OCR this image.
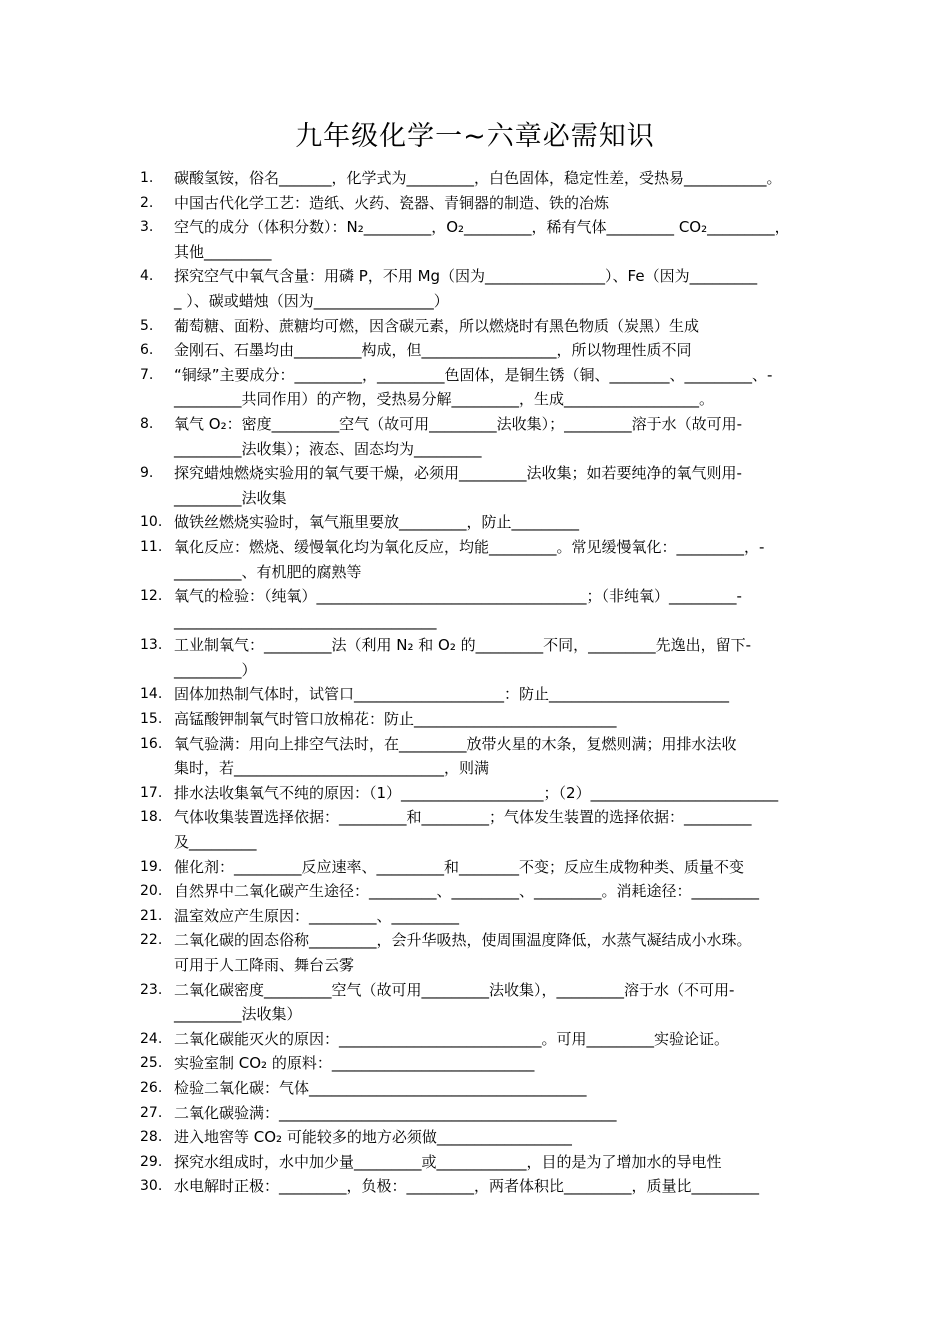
九年级化学一~六章必需知识
1.	碳酸氢铵，俗名_______，化学式为_________，白色固体，稳定性差，受热易___________。
2.	中国古代化学工艺：造纸、火药、瓷器、青铜器的制造、铁的冶炼
3.	空气的成分（体积分数）：N₂_________，O₂_________，稀有气体_________ CO₂_________，
其他_________
4.	探究空气中氧气含量：用磷 P，不用 Mg（因为________________）、Fe（因为_________
_ ）、碳或蜡烛（因为________________）
5.	葡萄糖、面粉、蔗糖均可燃，因含碳元素，所以燃烧时有黑色物质（炭黑）生成
6.	金刚石、石墨均由_________构成，但__________________，所以物理性质不同
7.	“铜绿”主要成分：_________，_________色固体，是铜生锈（铜、________、_________、-
_________共同作用）的产物，受热易分解_________，生成__________________。
8.	氧气 O₂：密度_________空气（故可用_________法收集）；_________溶于水（故可用-
_________法收集）；液态、固态均为_________
9.	探究蜡烛燃烧实验用的氧气要干燥，必须用_________法收集；如若要纯净的氧气则用-
_________法收集
10. 做铁丝燃烧实验时，氧气瓶里要放_________，防止_________
11. 氧化反应：燃烧、缓慢氧化均为氧化反应，均能_________。常见缓慢氧化：_________，-
_________、有机肥的腐熟等
12. 氧气的检验：（纯氧）____________________________________；（非纯氧）_________-
___________________________________
13. 工业制氧气：_________法（利用 N₂ 和 O₂ 的_________不同，_________先逸出，留下-
_________）
14. 固体加热制气体时，试管口____________________：防止________________________
15. 高锰酸钾制氧气时管口放棉花：防止___________________________
16. 氧气验满：用向上排空气法时，在_________放带火星的木条，复燃则满；用排水法收
集时，若____________________________，则满
17. 排水法收集氧气不纯的原因：（1）___________________；（2）_________________________
18. 气体收集装置选择依据：_________和_________；气体发生装置的选择依据：_________
及_________
19. 催化剂：_________反应速率、_________和________不变；反应生成物种类、质量不变
20. 自然界中二氧化碳产生途径：_________、_________、_________。消耗途径：_________
21. 温室效应产生原因：_________、_________
22. 二氧化碳的固态俗称_________，会升华吸热，使周围温度降低，水蒸气凝结成小水珠。
可用于人工降雨、舞台云雾
23. 二氧化碳密度_________空气（故可用_________法收集），_________溶于水（不可用-
_________法收集）
24. 二氧化碳能灭火的原因：___________________________。可用_________实验论证。
25. 实验室制 CO₂ 的原料：___________________________
26. 检验二氧化碳：气体_____________________________________
27. 二氧化碳验满：_____________________________________________
28. 进入地窖等 CO₂ 可能较多的地方必须做__________________
29. 探究水组成时，水中加少量_________或____________，目的是为了增加水的导电性
30. 水电解时正极：_________，负极：_________，两者体积比_________，质量比_________
